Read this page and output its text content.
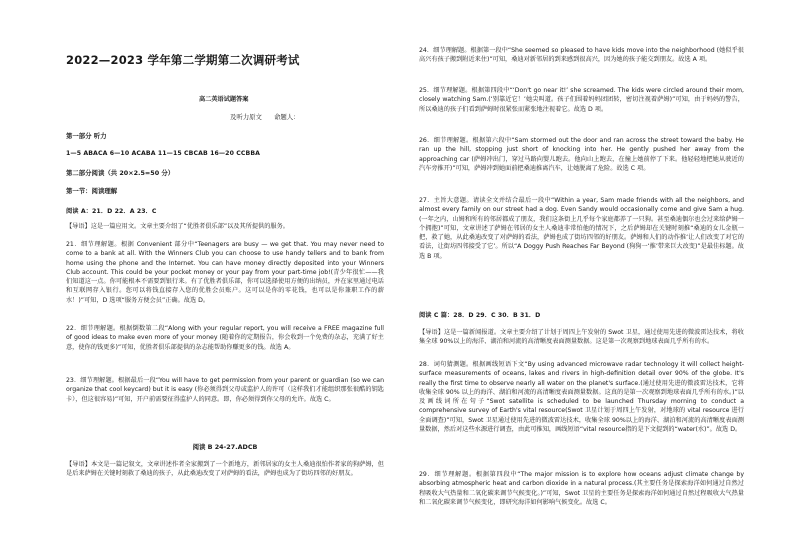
2022—2023 学年第二学期第二次调研考试
高二英语试题答案
及听力原文 命题人：
第一部分 听力
1—5 ABACA 6—10 ACABA 11—15 CBCAB 16—20 CCBBA
第二部分阅读（共 20×2.5=50 分）
第一节：阅读理解
阅读 A：21．D 22．A 23．C
【导语】这是一篇应用文。文章主要介绍了“优胜者俱乐部”以及其所提供的服务。
21．细节理解题。根据 Convenient 部分中“Teenagers are busy — we get that. You may never need to come to a bank at all. With the Winners Club you can choose to use handy tellers and to bank from home using the phone and the Internet. You can have money directly deposited into your Winners Club account. This could be your pocket money or your pay from your part-time job!(青少年很忙——我们知道这一点。你可能根本不需要到银行来。有了优胜者俱乐部，你可以选择使用方便的出纳员，并在家里通过电话和互联网存入银行。您可以将钱直接存入您的优胜会员账户。这可以是你的零花钱，也可以是你兼职工作的薪水！)”可知，D 选项“服务方便会员”正确。故选 D。
22．细节理解题。根据倒数第二段“Along with your regular report, you will receive a FREE magazine full of good ideas to make even more of your money (随着你的定期报告，你会收到一个免费的杂志，充满了好主意，使你的钱更多)”可知，优胜者俱乐部提供的杂志能帮助你赚更多的钱。故选 A。
23．细节理解题。根据最后一段“You will have to get permission from your parent or guardian (so we can organize that cool keycard) but it is easy (你必须得到父母或监护人的许可（这样我们才能组织那张很酷的钥匙卡），但这很容易)”可知，开户前需要征得监护人的同意。即，你必须得到你父母的允许。故选 C。
阅读 B 24-27.ADCB
【导语】本文是一篇记叙文，文章讲述作者全家搬到了一个新地方，新邻居家的女主人桑迪很怕作者家的狗萨姆，但是后来萨姆在关键时刻救了桑迪的孩子，从此桑迪改变了对萨姆的看法，萨姆也成为了街坊四邻的好朋友。
24．细节理解题。根据第一段中“She seemed so pleased to have kids move into the neighborhood (她似乎很高兴有孩子搬到附近来住)”可知，桑迪对新邻居的到来感到很高兴，因为她的孩子能交到朋友。故选 A 项。
25．细节理解题。根据第四段中“‘Don't go near it!’ she screamed. The kids were circled around their mom, closely watching Sam.(‘别靠近它！’她尖叫道。孩子们围着妈妈团团转，密切注视着萨姆)”可知，由于妈妈的警告，所以桑迪的孩子们看到萨姆时很紧张而紧张地注视着它。故选 D 项。
26．细节理解题。根据第六段中“Sam stormed out the door and ran across the street toward the baby. He ran up the hill, stopping just short of knocking into her. He gently pushed her away from the approaching car (萨姆冲出门，穿过马路向婴儿跑去。他向山上跑去，在撞上她前停了下来。他轻轻地把她从驶近的汽车旁推开)”可知，萨姆冲到她面前把桑迪推离汽车，让她脱离了危险。故选 C 项。
27．主旨大意题。请读全文并结合最后一段中“Within a year, Sam made friends with all the neighbors, and almost every family on our street had a dog. Even Sandy would occasionally come and give Sam a hug.(一年之内，山姆和所有的邻居都成了朋友，我们这条街上几乎每个家庭都养了一只狗。甚至桑迪偶尔也会过来给萨姆一个拥抱)”可知，文章讲述了萨姆在邻居的女主人桑迪非常怕他的情况下，之后萨姆却在关键时刻推“桑迪的女儿金瓶一把，救了她，从此桑迪改变了对萨姆的看法，萨姆也成了街坊四邻的好朋友。萨姆和人们的动作推‘让人们改变了对它的看法，让街坊四邻接受了它’。所以“A Doggy Push Reaches Far Beyond (狗狗一‘推’带来巨大改变)”是最佳标题。故选 B 项。
阅读 C 篇：28．D 29．C 30．B 31．D
【导语】这是一篇新闻报道。文章主要介绍了计划于周四上午发射的 Swot 卫星，通过使用先进的微波雷达技术，将收集全球 90%以上的海洋、湖泊和河流的高清晰度表面测量数据。这是第一次观察到地球表面几乎所有的水。
28．词句猜测题。根据画线短语下文“By using advanced microwave radar technology it will collect height-surface measurements of oceans, lakes and rivers in high-definition detail over 90% of the globe. It's really the first time to observe nearly all water on the planet's surface.(通过使用先进的微波雷达技术，它将收集全球 90% 以上的海洋、湖泊和河流的高清晰度表面测量数据。这真的是第一次观察到地球表面几乎所有的水。)”以及画线词所在句子“Swot satellite is scheduled to be launched Thursday morning to conduct a comprehensive survey of Earth's vital resource(Swot 卫星计划于周四上午发射，对地球的 vital resource 进行全面调查)”可知，Swot 卫星通过使用先进的微波雷达技术，收集全球 90%以上的海洋、湖泊和河流的高清晰度表面测量数据，然后对这些水源进行调查，由此可推知，画线短语“vital resource指的是下文提到的“water(水)”。故选 D。
29．细节理解题。根据第四段中“The major mission is to explore how oceans adjust climate change by absorbing atmospheric heat and carbon dioxide in a natural process.(其主要任务是探索海洋如何通过自然过程吸收大气热量和二氧化碳来调节气候变化。)”可知，Swot 卫星的主要任务是探索海洋如何通过自然过程吸收大气热量和二氧化碳来调节气候变化，即研究海洋如何影响气候变化。故选 C。
